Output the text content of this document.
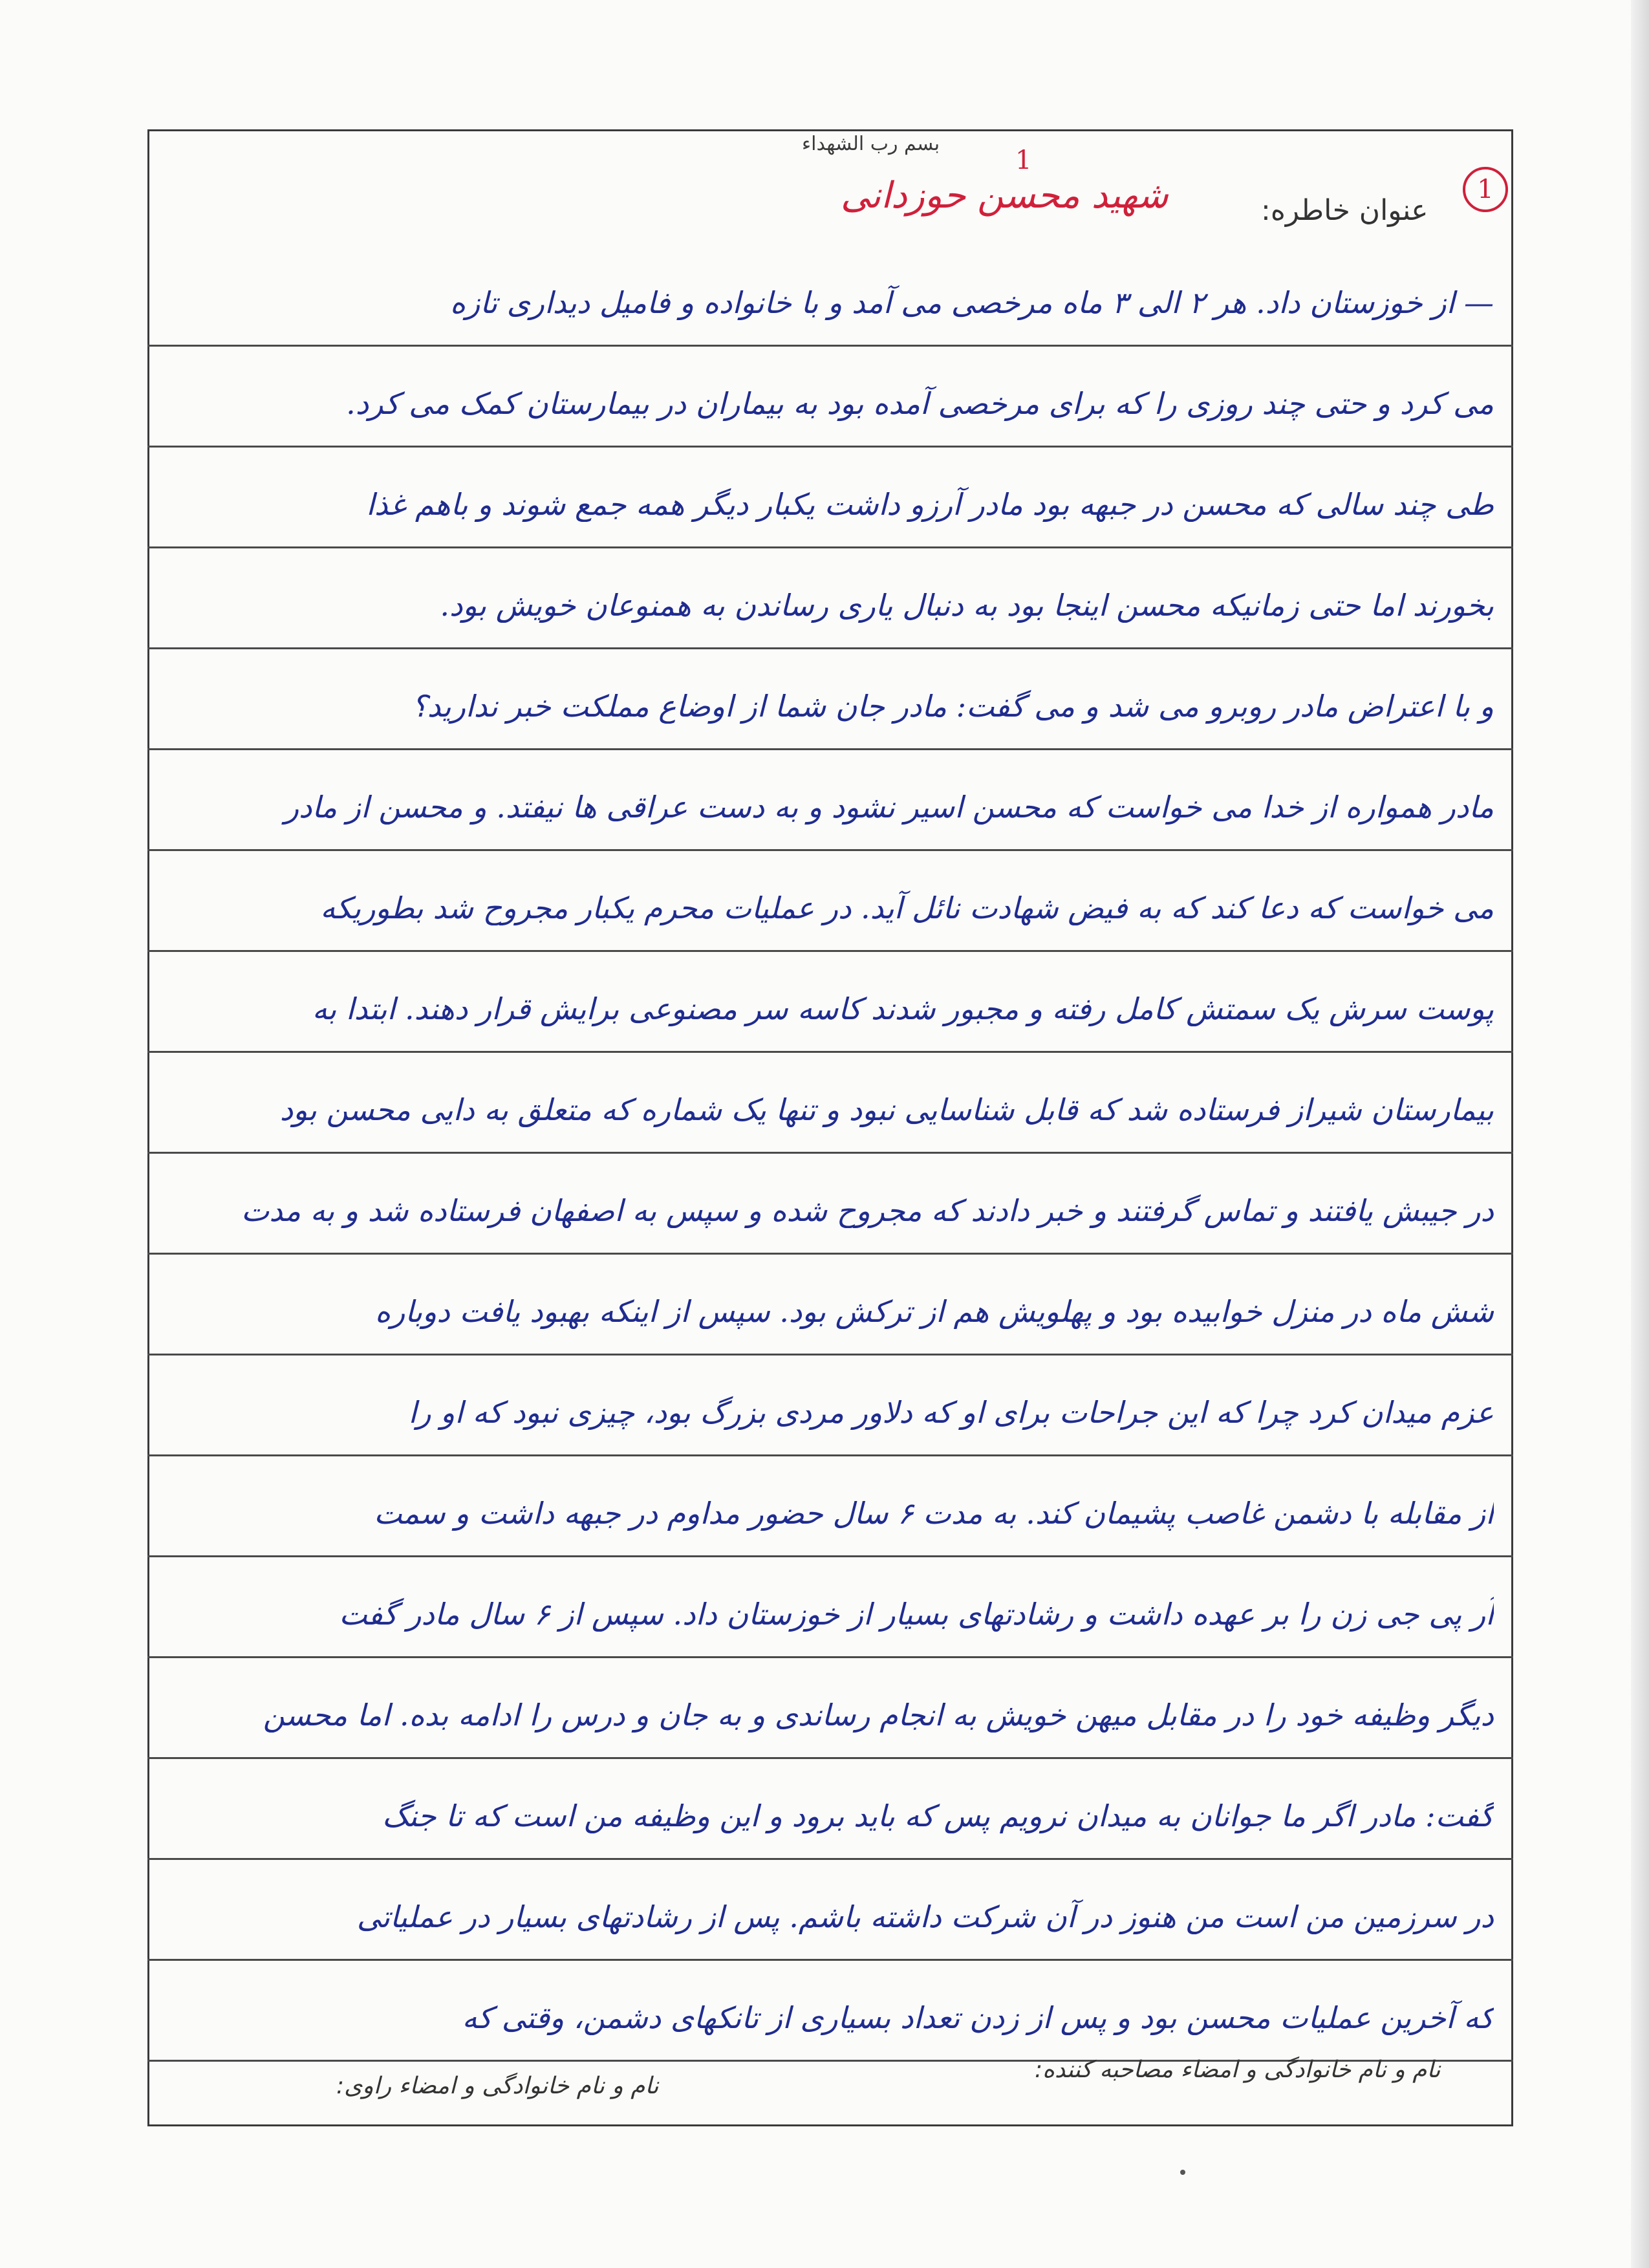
بسم رب الشهداء
1
شهید محسن حوزدانی	عنوان خاطره:
1
— از خوزستان داد. هر ۲ الی ۳ ماه مرخصی می آمد و با خانواده و فامیل دیداری تازه
می کرد و حتی چند روزی را که برای مرخصی آمده بود به بیماران در بیمارستان کمک می کرد.
طی چند سالی که محسن در جبهه بود مادر آرزو داشت یکبار دیگر همه جمع شوند و باهم غذا
بخورند اما حتی زمانیکه محسن اینجا بود به دنبال یاری رساندن به همنوعان خویش بود.
و با اعتراض مادر روبرو می شد و می گفت: مادر جان شما از اوضاع مملکت خبر ندارید؟
مادر همواره از خدا می خواست که محسن اسیر نشود و به دست عراقی ها نیفتد. و محسن از مادر
می خواست که دعا کند که به فیض شهادت نائل آید. در عملیات محرم یکبار مجروح شد بطوریکه
پوست سرش یک سمتش کامل رفته و مجبور شدند کاسه سر مصنوعی برایش قرار دهند. ابتدا به
بیمارستان شیراز فرستاده شد که قابل شناسایی نبود و تنها یک شماره که متعلق به دایی محسن بود
در جیبش یافتند و تماس گرفتند و خبر دادند که مجروح شده و سپس به اصفهان فرستاده شد و به مدت
شش ماه در منزل خوابیده بود و پهلویش هم از ترکش بود. سپس از اینکه بهبود یافت دوباره
عزم میدان کرد چرا که این جراحات برای او که دلاور مردی بزرگ بود، چیزی نبود که او را
از مقابله با دشمن غاصب پشیمان کند. به مدت ۶ سال حضور مداوم در جبهه داشت و سمت
آر پی جی زن را بر عهده داشت و رشادتهای بسیار از خوزستان داد. سپس از ۶ سال مادر گفت
دیگر وظیفه خود را در مقابل میهن خویش به انجام رساندی و به جان و درس را ادامه بده. اما محسن
گفت: مادر اگر ما جوانان به میدان نرویم پس که باید برود و این وظیفه من است که تا جنگ
در سرزمین من است من هنوز در آن شرکت داشته باشم. پس از رشادتهای بسیار در عملیاتی
که آخرین عملیات محسن بود و پس از زدن تعداد بسیاری از تانکهای دشمن، وقتی که
نام و نام خانوادگی و امضاء مصاحبه کننده:
نام و نام خانوادگی و امضاء راوی:
